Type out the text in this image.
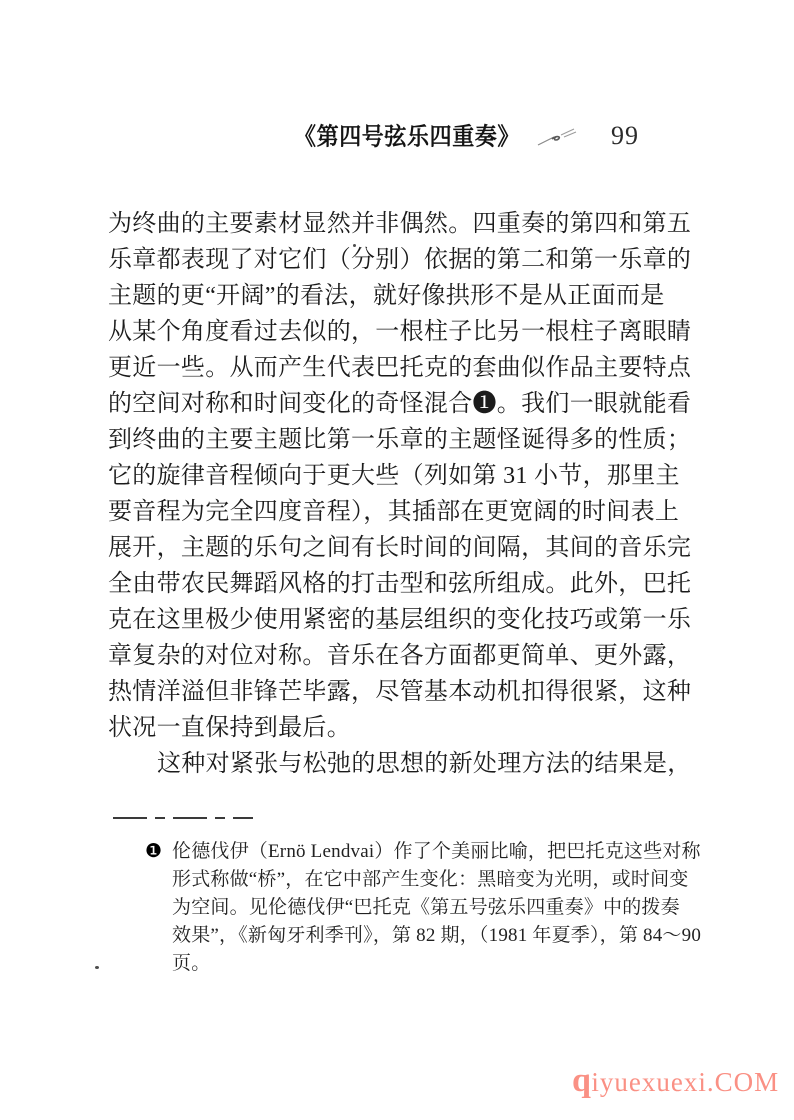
《第四号弦乐四重奏》	99
为终曲的主要素材显然并非偶然。四重奏的第四和第五
乐章都表现了对它们（分别）依据的第二和第一乐章的
主题的更“开阔”的看法，就好像拱形不是从正面而是
从某个角度看过去似的，一根柱子比另一根柱子离眼睛
更近一些。从而产生代表巴托克的套曲似作品主要特点
的空间对称和时间变化的奇怪混合❶。我们一眼就能看
到终曲的主要主题比第一乐章的主题怪诞得多的性质；
它的旋律音程倾向于更大些（列如第 31 小节，那里主
要音程为完全四度音程），其插部在更宽阔的时间表上
展开，主题的乐句之间有长时间的间隔，其间的音乐完
全由带农民舞蹈风格的打击型和弦所组成。此外，巴托
克在这里极少使用紧密的基层组织的变化技巧或第一乐
章复杂的对位对称。音乐在各方面都更简单、更外露，
热情洋溢但非锋芒毕露，尽管基本动机扣得很紧，这种
状况一直保持到最后。
这种对紧张与松弛的思想的新处理方法的结果是，
❶ 伦德伐伊（Ernö Lendvai）作了个美丽比喻，把巴托克这些对称
形式称做“桥”，在它中部产生变化：黑暗变为光明，或时间变
为空间。见伦德伐伊“巴托克《第五号弦乐四重奏》中的拨奏
效果”，《新匈牙利季刊》，第 82 期，（1981 年夏季），第 84～90
页。
qiyuexuexi.COM
